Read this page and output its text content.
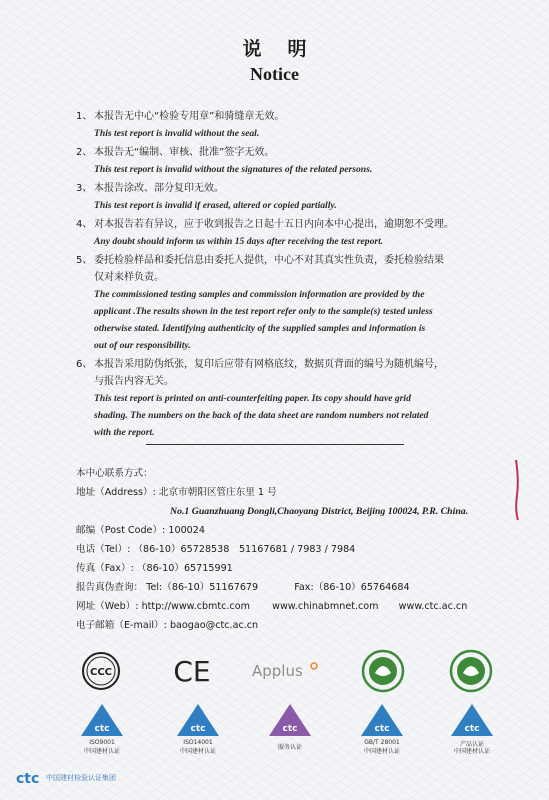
说明
Notice
1、 本报告无中心“检验专用章”和骑缝章无效。
This test report is invalid without the seal.
2、 本报告无“编制、审核、批准”签字无效。
This test report is invalid without the signatures of the related persons.
3、 本报告涂改、部分复印无效。
This test report is invalid if erased, altered or copied partially.
4、 对本报告若有异议，应于收到报告之日起十五日内向本中心提出，逾期恕不受理。
Any doubt should inform us within 15 days after receiving the test report.
5、 委托检验样品和委托信息由委托人提供，中心不对其真实性负责，委托检验结果
仅对来样负责。
The commissioned testing samples and commission information are provided by the
applicant .The results shown in the test report refer only to the sample(s) tested unless
otherwise stated. Identifying authenticity of the supplied samples and information is
out of our responsibility.
6、 本报告采用防伪纸张，复印后应带有网格底纹，数据页背面的编号为随机编号，
与报告内容无关。
This test report is printed on anti-counterfeiting paper. Its copy should have grid
shading. The numbers on the back of the data sheet are random numbers not related
with the report.
本中心联系方式：
地址（Address）: 北京市朝阳区管庄东里 1 号
No.1 Guanzhuang Dongli,Chaoyang District, Beijing 100024, P.R. China.
邮编（Post Code）: 100024
电话（Tel）: （86-10）65728538　51167681 / 7983 / 7984
传真（Fax）: （86-10）65715991
报告真伪查询： Tel:（86-10）51167679	Fax:（86-10）65764684
网址（Web）: http://www.cbmtc.com www.chinabmnet.com www.ctc.ac.cn
电子邮箱（E-mail）: baogao@ctc.ac.cn
CCC CE	Applus
ctc	ctc	ctc	ctc	ctc
ISO9001
中国建材认证
ISO14001
中国建材认证
服务认证
GB/T 28001
中国建材认证
产品认证
中国建材认证
ctc 中国建材检验认证集团
